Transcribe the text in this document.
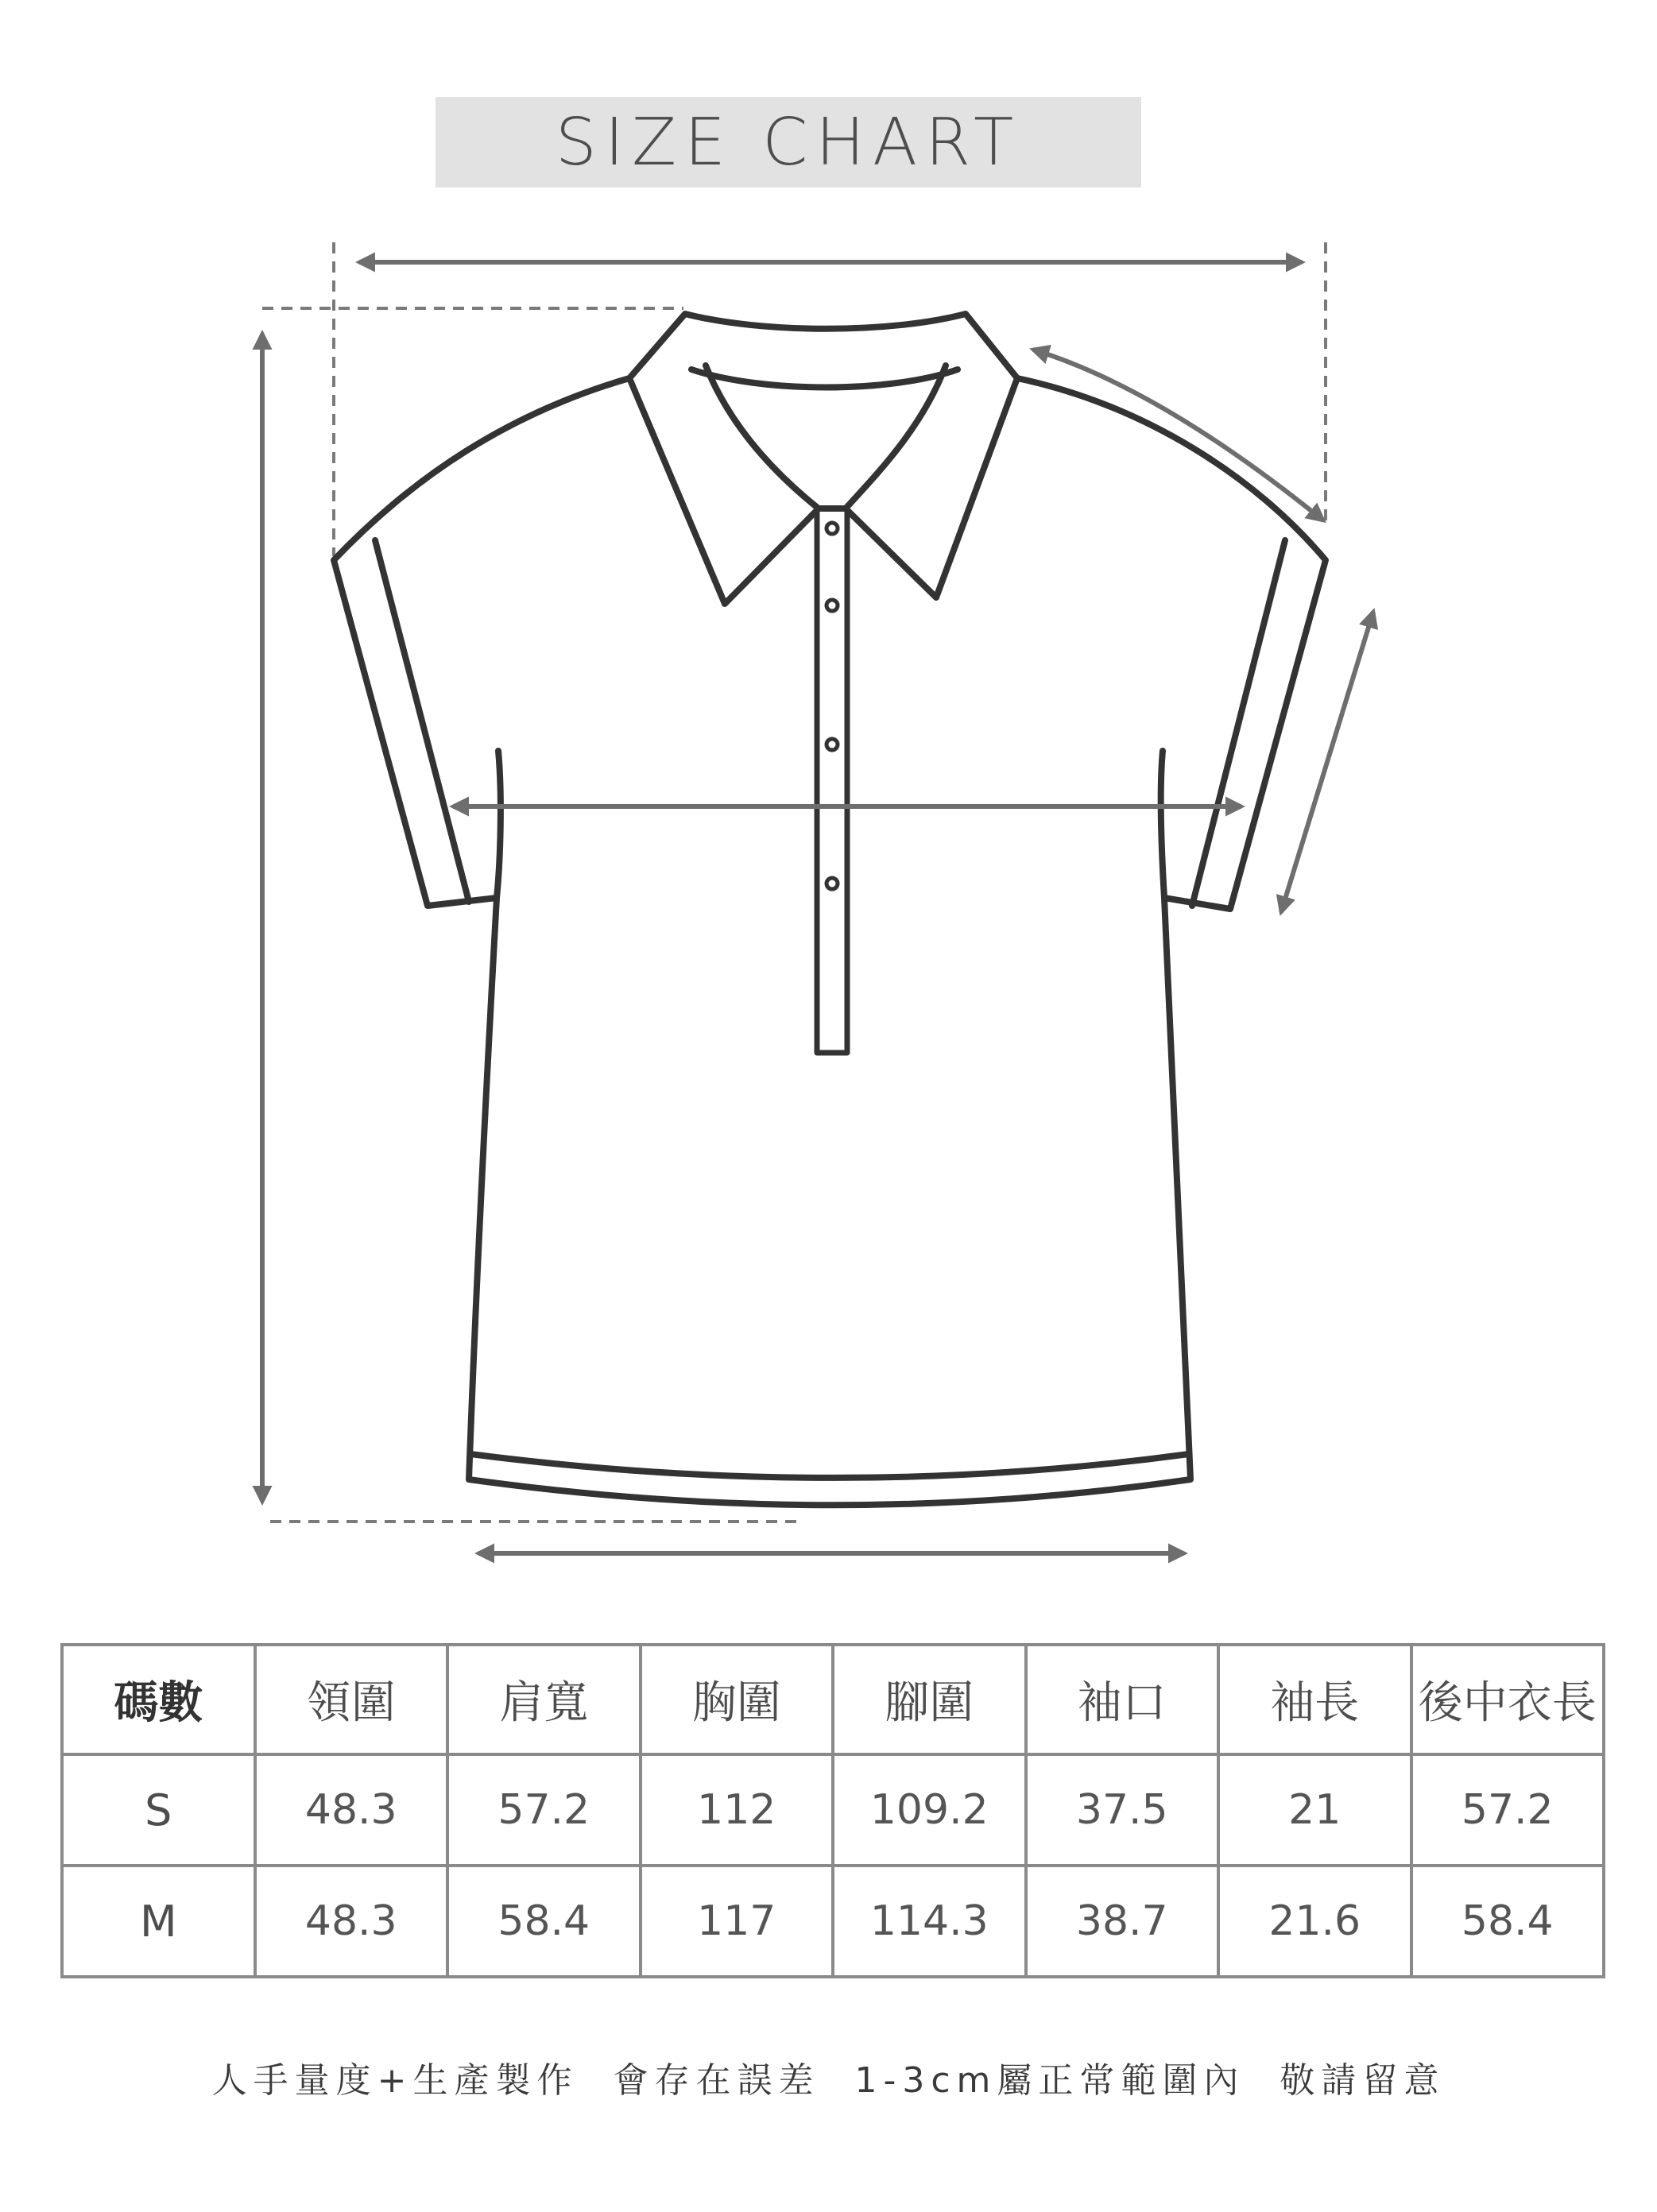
SIZE CHART
碼數	領圍	肩寬	胸圍	腳圍	袖口	袖長	後中衣長
S	48.3	57.2	112	109.2	37.5	21	57.2
M	48.3	58.4	117	114.3	38.7	21.6	58.4
人手量度+生產製作  會存在誤差  1-3cm屬正常範圍內  敬請留意
